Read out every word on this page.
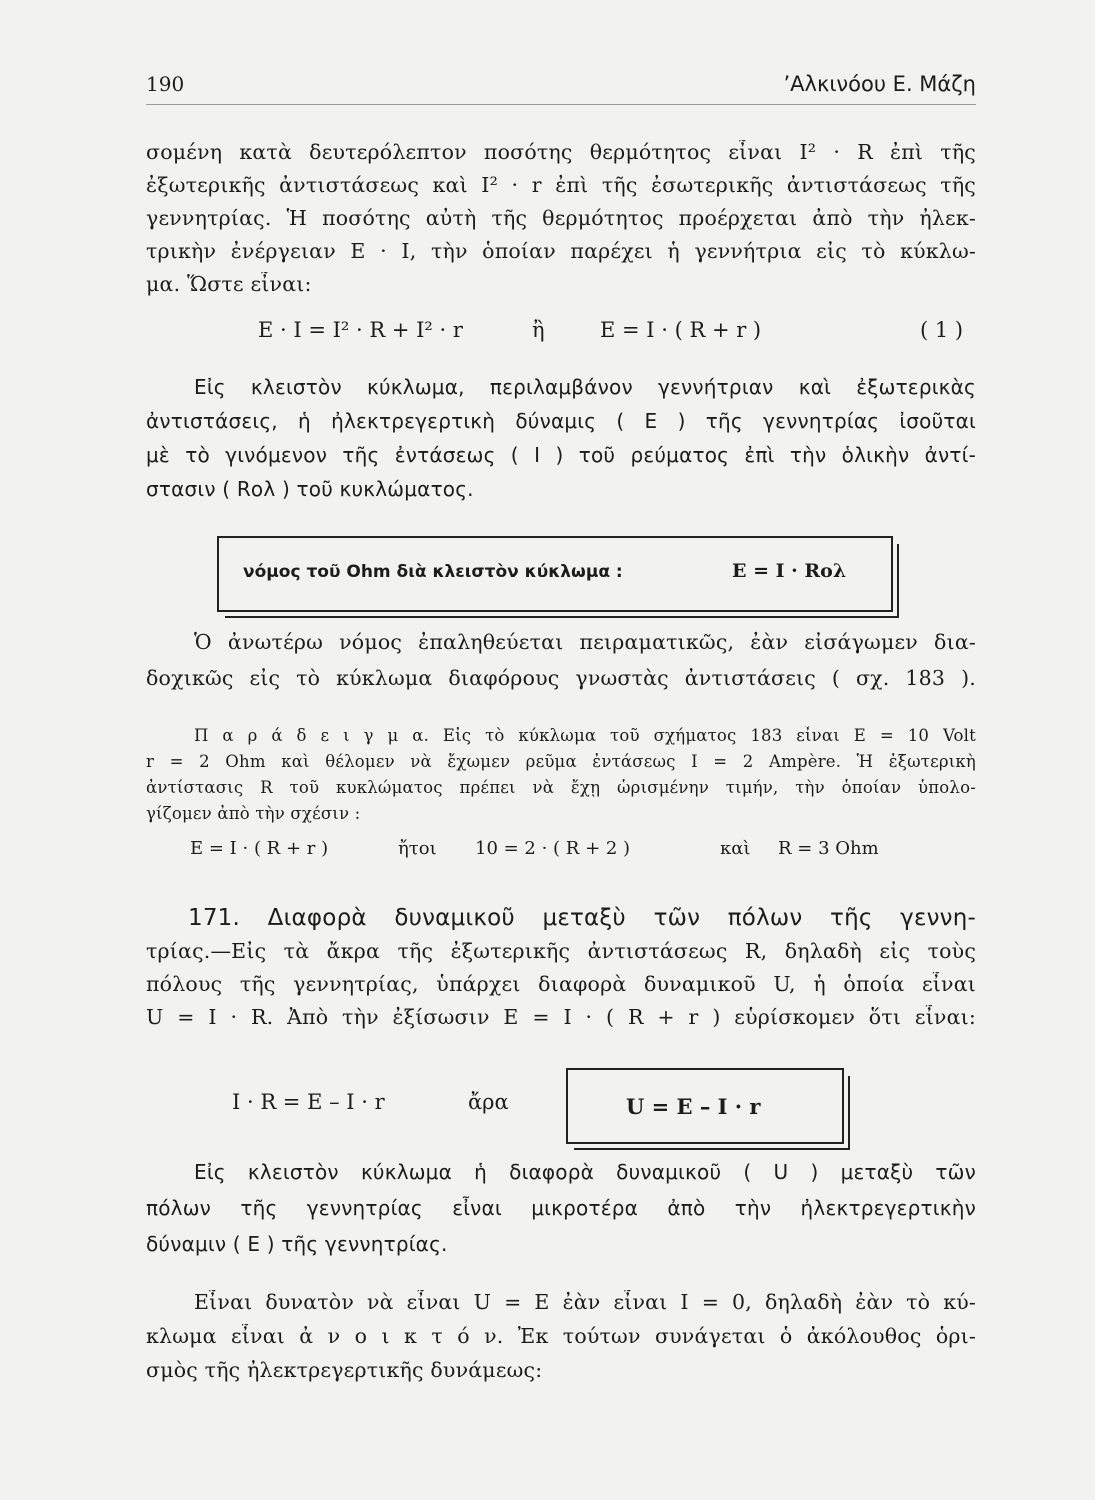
190	’Αλκινόου Ε. Μάζη
σομένη κατὰ δευτερόλεπτον ποσότης θερμότητος εἶναι I² · R ἐπὶ τῆς
ἐξωτερικῆς ἀντιστάσεως καὶ I² · r ἐπὶ τῆς ἐσωτερικῆς ἀντιστάσεως τῆς
γεννητρίας. Ἡ ποσότης αὐτὴ τῆς θερμότητος προέρχεται ἀπὸ τὴν ἠλεκ-
τρικὴν ἐνέργειαν E · I, τὴν ὁποίαν παρέχει ἡ γεννήτρια εἰς τὸ κύκλω-
μα. Ὥστε εἶναι:
E · I = I² · R + I² · r	ἢ	E = I · ( R + r )	( 1 )
Εἰς κλειστὸν κύκλωμα, περιλαμβάνον γεννήτριαν καὶ ἐξωτερικὰς
ἀντιστάσεις, ἡ ἠλεκτρεγερτικὴ δύναμις ( E ) τῆς γεννητρίας ἰσοῦται
μὲ τὸ γινόμενον τῆς ἐντάσεως ( I ) τοῦ ρεύματος ἐπὶ τὴν ὁλικὴν ἀντί-
στασιν ( Rολ ) τοῦ κυκλώματος.
νόμος τοῦ Ohm διὰ κλειστὸν κύκλωμα :	E = I · Rολ
Ὁ ἀνωτέρω νόμος ἐπαληθεύεται πειραματικῶς, ἐὰν εἰσάγωμεν δια-
δοχικῶς εἰς τὸ κύκλωμα διαφόρους γνωστὰς ἀντιστάσεις ( σχ. 183 ).
Π α ρ ά δ ε ι γ μ α. Εἰς τὸ κύκλωμα τοῦ σχήματος 183 εἶναι E = 10 Volt
r = 2 Ohm καὶ θέλομεν νὰ ἔχωμεν ρεῦμα ἐντάσεως I = 2 Ampère. Ἡ ἐξωτερικὴ
ἀντίστασις R τοῦ κυκλώματος πρέπει νὰ ἔχῃ ὡρισμένην τιμήν, τὴν ὁποίαν ὑπολο-
γίζομεν ἀπὸ τὴν σχέσιν :
E = I · ( R + r )	ἤτοι 10 = 2 · ( R + 2 )	καὶ R = 3 Ohm
171. Διαφορὰ δυναμικοῦ μεταξὺ τῶν πόλων τῆς γεννη-
τρίας.—Εἰς τὰ ἄκρα τῆς ἐξωτερικῆς ἀντιστάσεως R, δηλαδὴ εἰς τοὺς
πόλους τῆς γεννητρίας, ὑπάρχει διαφορὰ δυναμικοῦ U, ἡ ὁποία εἶναι
U = I · R. Ἀπὸ τὴν ἐξίσωσιν E = I · ( R + r ) εὑρίσκομεν ὅτι εἶναι:
I · R = E – I · r	ἄρα	U = E – I · r
Εἰς κλειστὸν κύκλωμα ἡ διαφορὰ δυναμικοῦ ( U ) μεταξὺ τῶν
πόλων τῆς γεννητρίας εἶναι μικροτέρα ἀπὸ τὴν ἠλεκτρεγερτικὴν
δύναμιν ( E ) τῆς γεννητρίας.
Εἶναι δυνατὸν νὰ εἶναι U = E ἐὰν εἶναι I = 0, δηλαδὴ ἐὰν τὸ κύ-
κλωμα εἶναι ἀ ν ο ι κ τ ό ν. Ἐκ τούτων συνάγεται ὁ ἀκόλουθος ὁρι-
σμὸς τῆς ἠλεκτρεγερτικῆς δυνάμεως:
